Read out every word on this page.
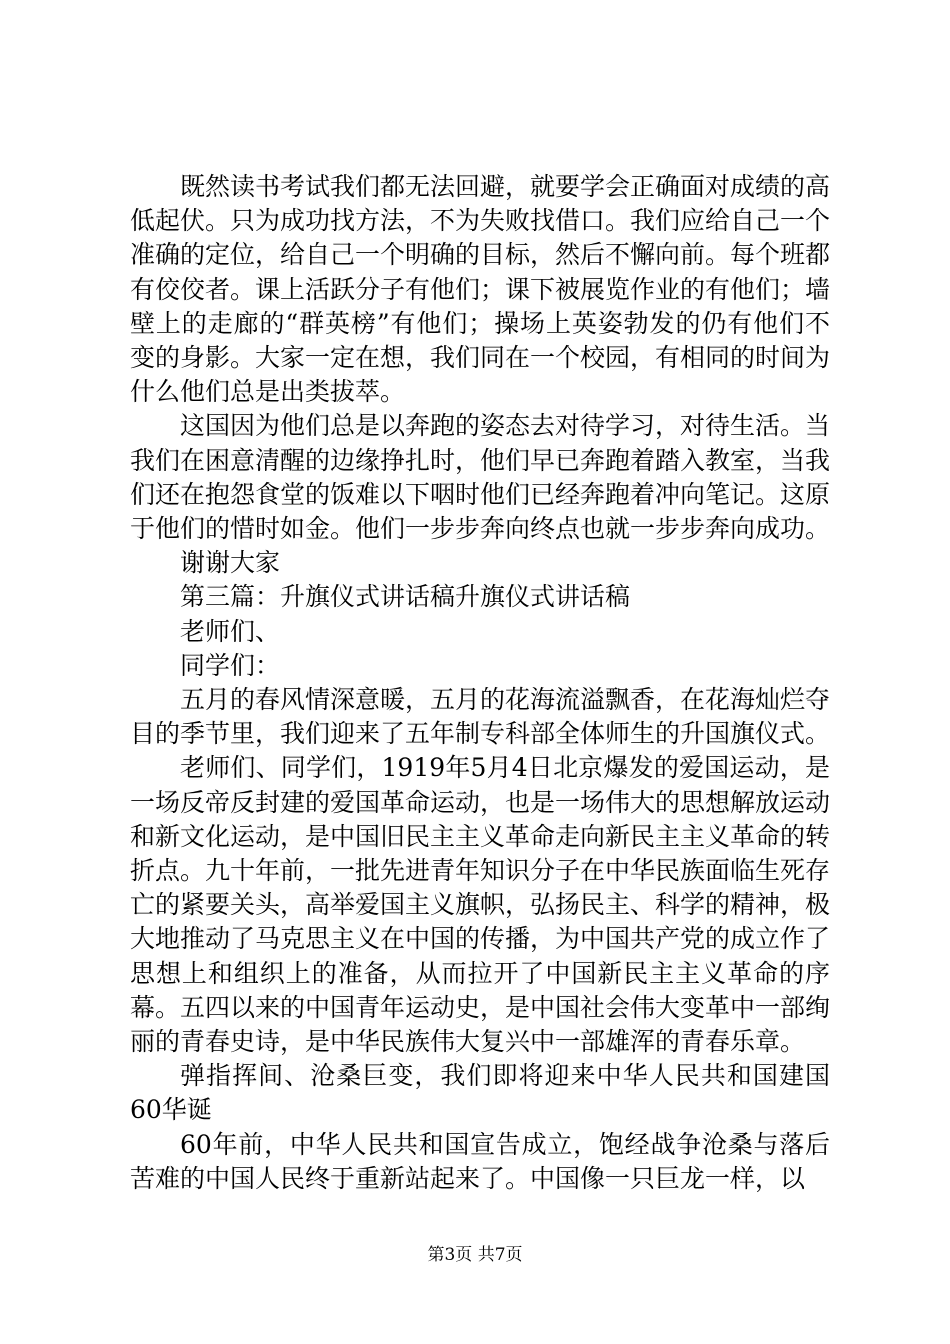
既然读书考试我们都无法回避，就要学会正确面对成绩的高低起伏。只为成功找方法，不为失败找借口。我们应给自己一个准确的定位，给自己一个明确的目标，然后不懈向前。每个班都有佼佼者。课上活跃分子有他们；课下被展览作业的有他们；墙壁上的走廊的“群英榜”有他们；操场上英姿勃发的仍有他们不变的身影。大家一定在想，我们同在一个校园，有相同的时间为什么他们总是出类拔萃。

这国因为他们总是以奔跑的姿态去对待学习，对待生活。当我们在困意清醒的边缘挣扎时，他们早已奔跑着踏入教室，当我们还在抱怨食堂的饭难以下咽时他们已经奔跑着冲向笔记。这原于他们的惜时如金。他们一步步奔向终点也就一步步奔向成功。

谢谢大家

第三篇：升旗仪式讲话稿升旗仪式讲话稿

老师们、

同学们：

五月的春风情深意暖，五月的花海流溢飘香，在花海灿烂夺目的季节里，我们迎来了五年制专科部全体师生的升国旗仪式。

老师们、同学们，1919年5月4日北京爆发的爱国运动，是一场反帝反封建的爱国革命运动，也是一场伟大的思想解放运动和新文化运动，是中国旧民主主义革命走向新民主主义革命的转折点。九十年前，一批先进青年知识分子在中华民族面临生死存亡的紧要关头，高举爱国主义旗帜，弘扬民主、科学的精神，极大地推动了马克思主义在中国的传播，为中国共产党的成立作了思想上和组织上的准备，从而拉开了中国新民主主义革命的序幕。五四以来的中国青年运动史，是中国社会伟大变革中一部绚丽的青春史诗，是中华民族伟大复兴中一部雄浑的青春乐章。

弹指挥间、沧桑巨变，我们即将迎来中华人民共和国建国60华诞

60年前，中华人民共和国宣告成立，饱经战争沧桑与落后苦难的中国人民终于重新站起来了。中国像一只巨龙一样，以

第3页 共7页
